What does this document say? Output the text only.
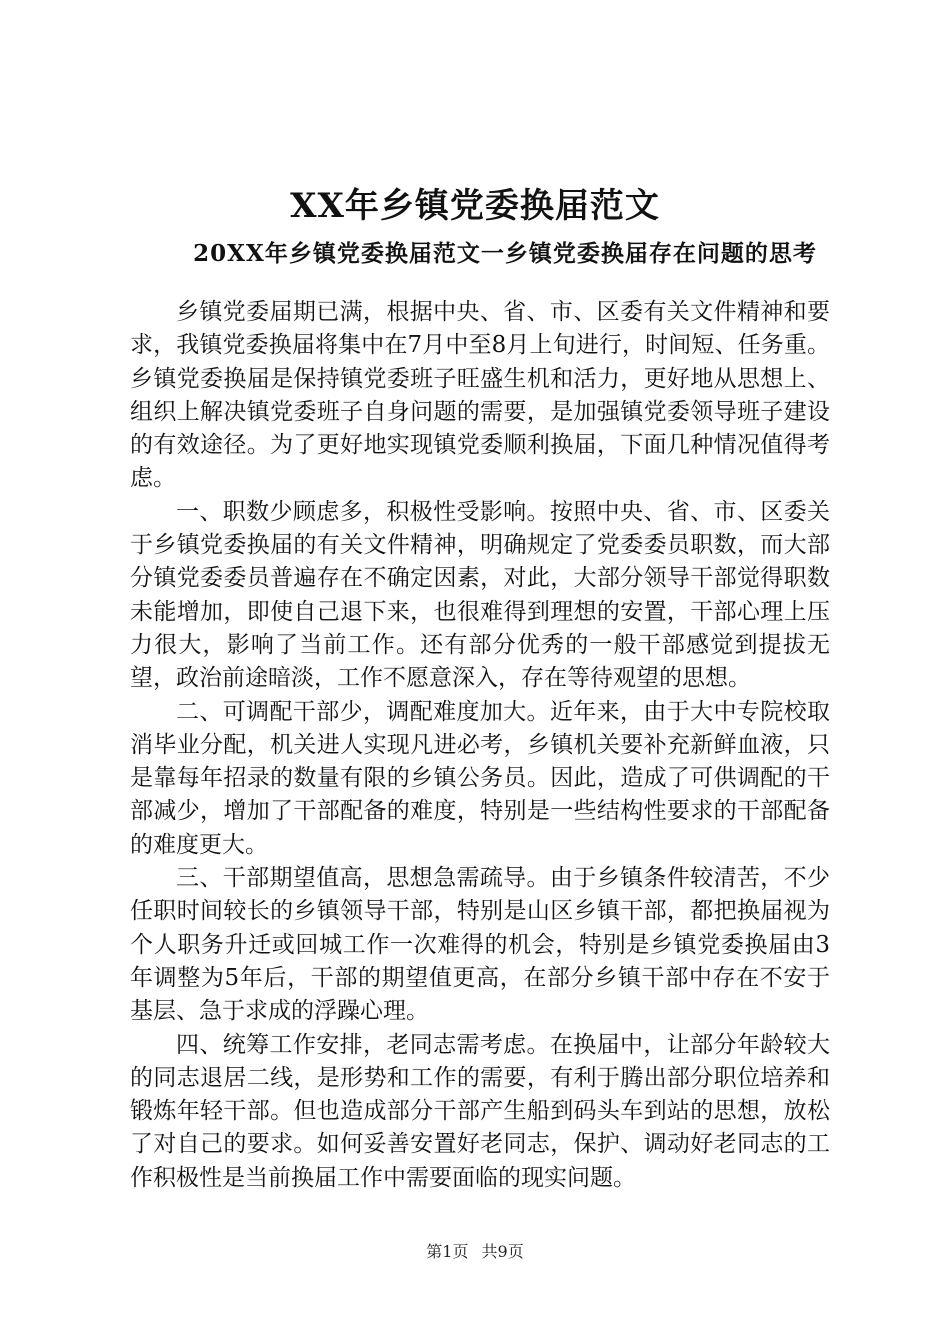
XX年乡镇党委换届范文
20XX年乡镇党委换届范文一乡镇党委换届存在问题的思考

乡镇党委届期已满，根据中央、省、市、区委有关文件精神和要求，我镇党委换届将集中在7月中至8月上旬进行，时间短、任务重。乡镇党委换届是保持镇党委班子旺盛生机和活力，更好地从思想上、组织上解决镇党委班子自身问题的需要，是加强镇党委领导班子建设的有效途径。为了更好地实现镇党委顺利换届，下面几种情况值得考虑。

一、职数少顾虑多，积极性受影响。按照中央、省、市、区委关于乡镇党委换届的有关文件精神，明确规定了党委委员职数，而大部分镇党委委员普遍存在不确定因素，对此，大部分领导干部觉得职数未能增加，即使自己退下来，也很难得到理想的安置，干部心理上压力很大，影响了当前工作。还有部分优秀的一般干部感觉到提拔无望，政治前途暗淡，工作不愿意深入，存在等待观望的思想。

二、可调配干部少，调配难度加大。近年来，由于大中专院校取消毕业分配，机关进人实现凡进必考，乡镇机关要补充新鲜血液，只是靠每年招录的数量有限的乡镇公务员。因此，造成了可供调配的干部减少，增加了干部配备的难度，特别是一些结构性要求的干部配备的难度更大。

三、干部期望值高，思想急需疏导。由于乡镇条件较清苦，不少任职时间较长的乡镇领导干部，特别是山区乡镇干部，都把换届视为个人职务升迁或回城工作一次难得的机会，特别是乡镇党委换届由3年调整为5年后，干部的期望值更高，在部分乡镇干部中存在不安于基层、急于求成的浮躁心理。

四、统筹工作安排，老同志需考虑。在换届中，让部分年龄较大的同志退居二线，是形势和工作的需要，有利于腾出部分职位培养和锻炼年轻干部。但也造成部分干部产生船到码头车到站的思想，放松了对自己的要求。如何妥善安置好老同志，保护、调动好老同志的工作积极性是当前换届工作中需要面临的现实问题。

第1页 共9页
